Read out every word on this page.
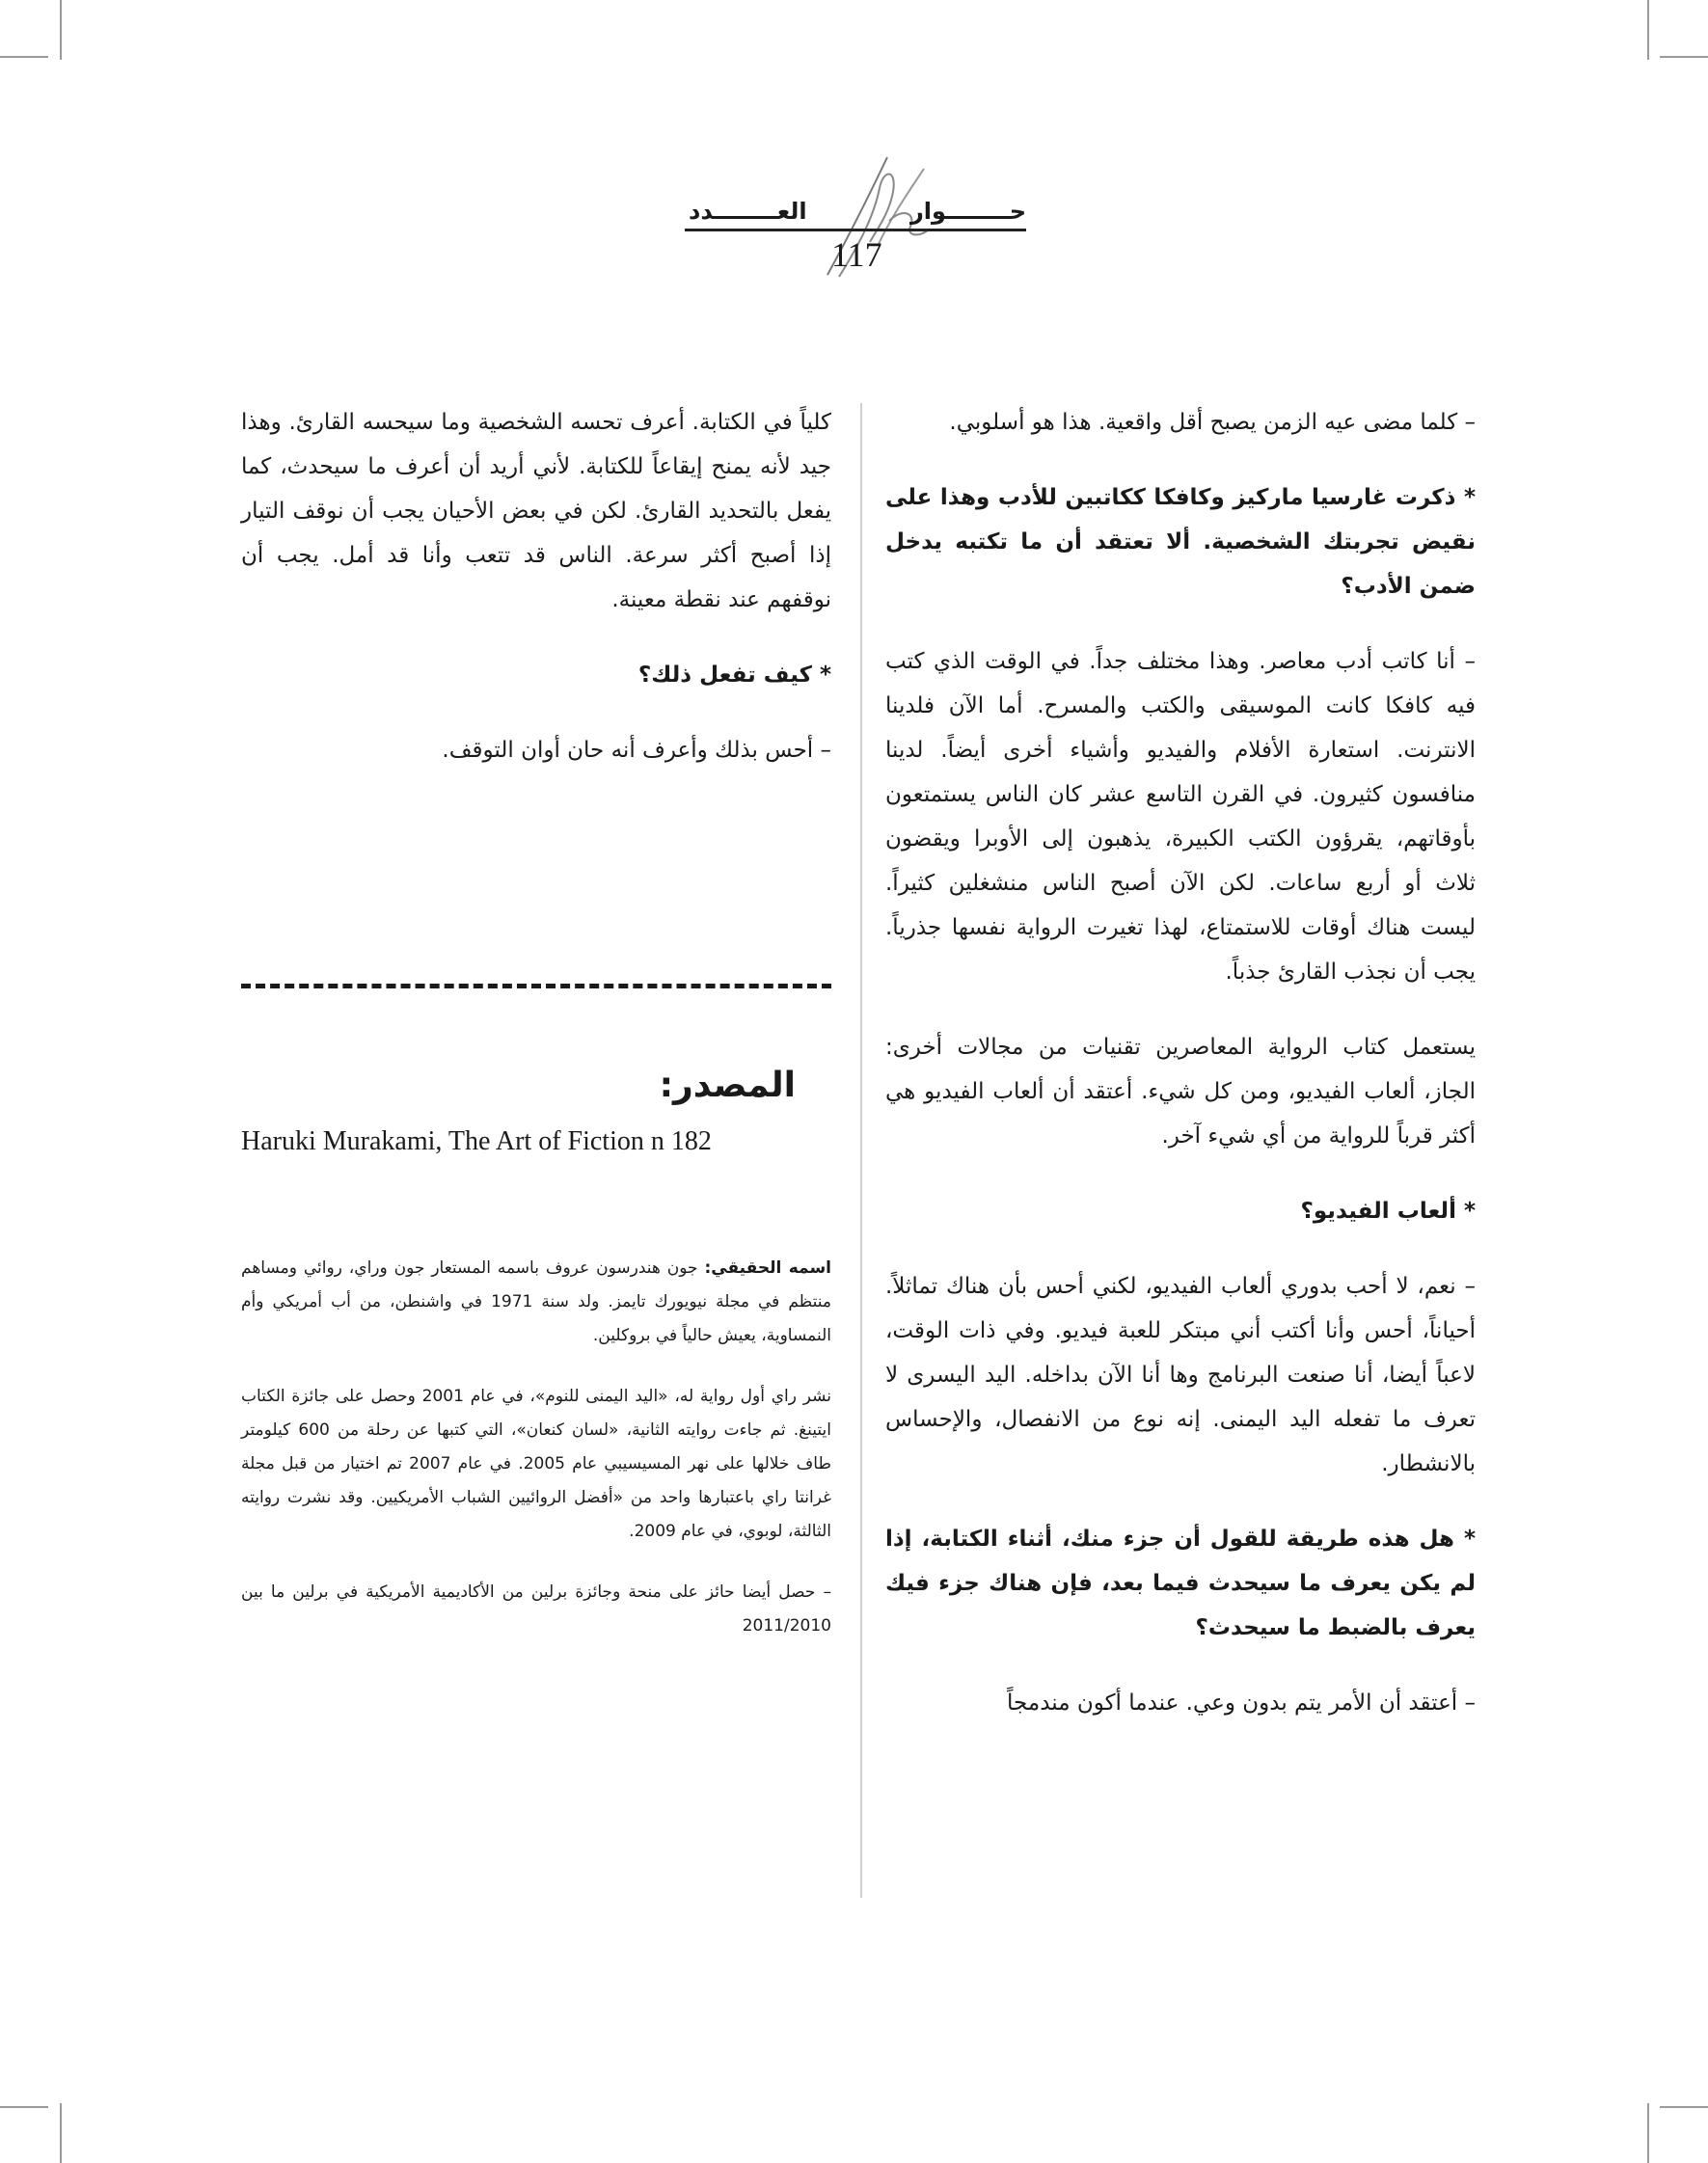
حــــــــوار
العــــــــدد
117

– كلما مضى عيه الزمن يصبح أقل واقعية. هذا هو أسلوبي.

* ذكرت غارسيا ماركيز وكافكا ككاتبين للأدب وهذا على نقيض تجربتك الشخصية. ألا تعتقد أن ما تكتبه يدخل ضمن الأدب؟

– أنا كاتب أدب معاصر. وهذا مختلف جداً. في الوقت الذي كتب فيه كافكا كانت الموسيقى والكتب والمسرح. أما الآن فلدينا الانترنت. استعارة الأفلام والفيديو وأشياء أخرى أيضاً. لدينا منافسون كثيرون. في القرن التاسع عشر كان الناس يستمتعون بأوقاتهم، يقرؤون الكتب الكبيرة، يذهبون إلى الأوبرا ويقضون ثلاث أو أربع ساعات. لكن الآن أصبح الناس منشغلين كثيراً. ليست هناك أوقات للاستمتاع، لهذا تغيرت الرواية نفسها جذرياً. يجب أن نجذب القارئ جذباً.

يستعمل كتاب الرواية المعاصرين تقنيات من مجالات أخرى: الجاز، ألعاب الفيديو، ومن كل شيء. أعتقد أن ألعاب الفيديو هي أكثر قرباً للرواية من أي شيء آخر.

* ألعاب الفيديو؟

– نعم، لا أحب بدوري ألعاب الفيديو، لكني أحس بأن هناك تماثلاً. أحياناً، أحس وأنا أكتب أني مبتكر للعبة فيديو. وفي ذات الوقت، لاعباً أيضا، أنا صنعت البرنامج وها أنا الآن بداخله. اليد اليسرى لا تعرف ما تفعله اليد اليمنى. إنه نوع من الانفصال، والإحساس بالانشطار.

* هل هذه طريقة للقول أن جزء منك، أثناء الكتابة، إذا لم يكن يعرف ما سيحدث فيما بعد، فإن هناك جزء فيك يعرف بالضبط ما سيحدث؟

– أعتقد أن الأمر يتم بدون وعي. عندما أكون مندمجاً

كلياً في الكتابة. أعرف تحسه الشخصية وما سيحسه القارئ. وهذا جيد لأنه يمنح إيقاعاً للكتابة. لأني أريد أن أعرف ما سيحدث، كما يفعل بالتحديد القارئ. لكن في بعض الأحيان يجب أن نوقف التيار إذا أصبح أكثر سرعة. الناس قد تتعب وأنا قد أمل. يجب أن نوقفهم عند نقطة معينة.

* كيف تفعل ذلك؟

– أحس بذلك وأعرف أنه حان أوان التوقف.

المصدر:
Haruki Murakami, The Art of Fiction n 182

اسمه الحقيقي: جون هندرسون عروف باسمه المستعار جون وراي، روائي ومساهم منتظم في مجلة نيويورك تايمز. ولد سنة 1971 في واشنطن، من أب أمريكي وأم النمساوية، يعيش حالياً في بروكلين.

نشر راي أول رواية له، «اليد اليمنى للنوم»، في عام 2001 وحصل على جائزة الكتاب ايتينغ. ثم جاءت روايته الثانية، «لسان كنعان»، التي كتبها عن رحلة من 600 كيلومتر طاف خلالها على نهر المسيسيبي عام 2005. في عام 2007 تم اختيار من قبل مجلة غرانتا راي باعتبارها واحد من «أفضل الروائيين الشباب الأمريكيين. وقد نشرت روايته الثالثة، لوبوي، في عام 2009.

– حصل أيضا حائز على منحة وجائزة برلين من الأكاديمية الأمريكية في برلين ما بين 2011/2010
